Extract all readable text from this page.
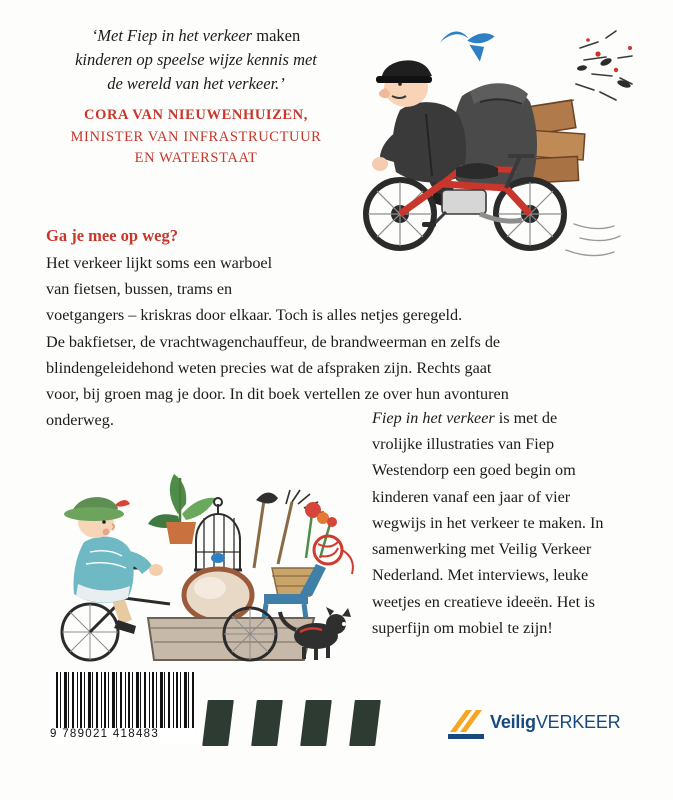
‘Met Fiep in het verkeer maken
kinderen op speelse wijze kennis met
de wereld van het verkeer.’

CORA VAN NIEUWENHUIZEN,
MINISTER VAN INFRASTRUCTUUR
EN WATERSTAAT
Ga je mee op weg?

Het verkeer lijkt soms een warboel

van fietsen, bussen, trams en

voetgangers – kriskras door elkaar. Toch is alles netjes geregeld.

De bakfietser, de vrachtwagenchauffeur, de brandweerman en zelfs de

blindengeleidehond weten precies wat de afspraken zijn. Rechts gaat

voor, bij groen mag je door. In dit boek vertellen ze over hun avonturen

onderweg.	Fiep in het verkeer is met de vrolijke illustraties van Fiep Westendorp een goed begin om kinderen vanaf een jaar of vier wegwijs in het verkeer te maken. In samenwerking met Veilig Verkeer Nederland. Met interviews, leuke weetjes en creatieve ideeën. Het is superfijn om mobiel te zijn!
9 789021 418483
VeiligVERKEER
